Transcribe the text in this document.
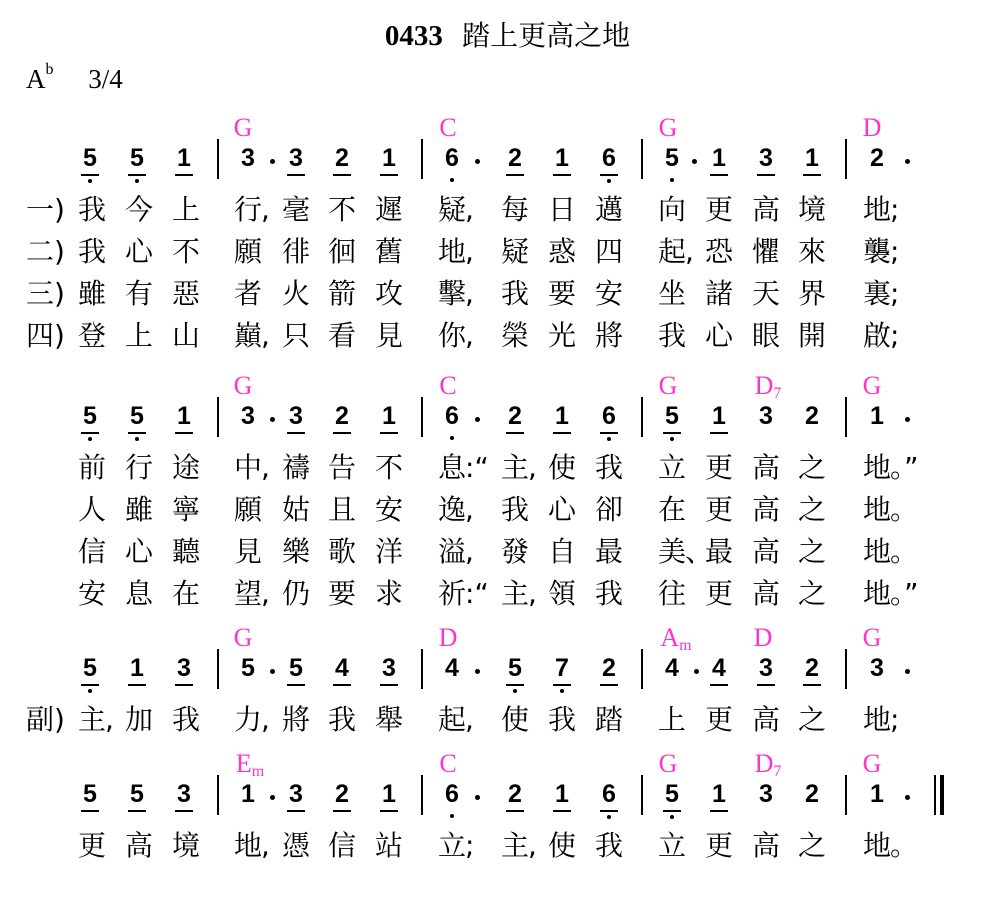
0433 踏上更高之地
$A^b$ 3/4
G	C	G	D
5 5 1 3 3 2 1 6 2 1 6 5 1 3 1 2
一) 我 今 上 行 , 毫 不 遲 疑 , 每 日 邁 向 更 高 境 地 ;
二) 我 心 不 願 徘 徊 舊 地 , 疑 惑 四 起 , 恐 懼 來 襲 ;
三) 雖 有 惡 者 火 箭 攻 擊 , 我 要 安 坐 諸 天 界 裏 ;
四) 登 上 山 巔 , 只 看 見 你 , 榮 光 將 我 心 眼 開 啟 ;
G	C	G	$D_7$	G
5 5 1 3 3 2 1 6 2 1 6 5 1 3 2 1
前 行 途 中 , 禱 告 不 息 :“ 主 , 使 我 立 更 高 之 地 。”
人 雖 寧 願 姑 且 安 逸 , 我 心 卻 在 更 高 之 地 。
信 心 聽 見 樂 歌 洋 溢 , 發 自 最 美 、
最 高 之 地 。
安 息 在 望 , 仍 要 求 祈 :“ 主 , 領 我 往 更 高 之 地 。”
G	D	$A_m$ D	G
5 1 3 5 5 4 3 4 5 7 2 4 4 3 2 3
副) 主 , 加 我 力 , 將 我 舉 起 , 使 我 踏 上 更 高 之 地 ;
$E_m$	C	G	$D_7$	G
5 5 3 1 3 2 1 6 2 1 6 5 1 3 2 1
更 高 境 地 , 憑 信 站 立 ; 主 , 使 我 立 更 高 之 地 。
